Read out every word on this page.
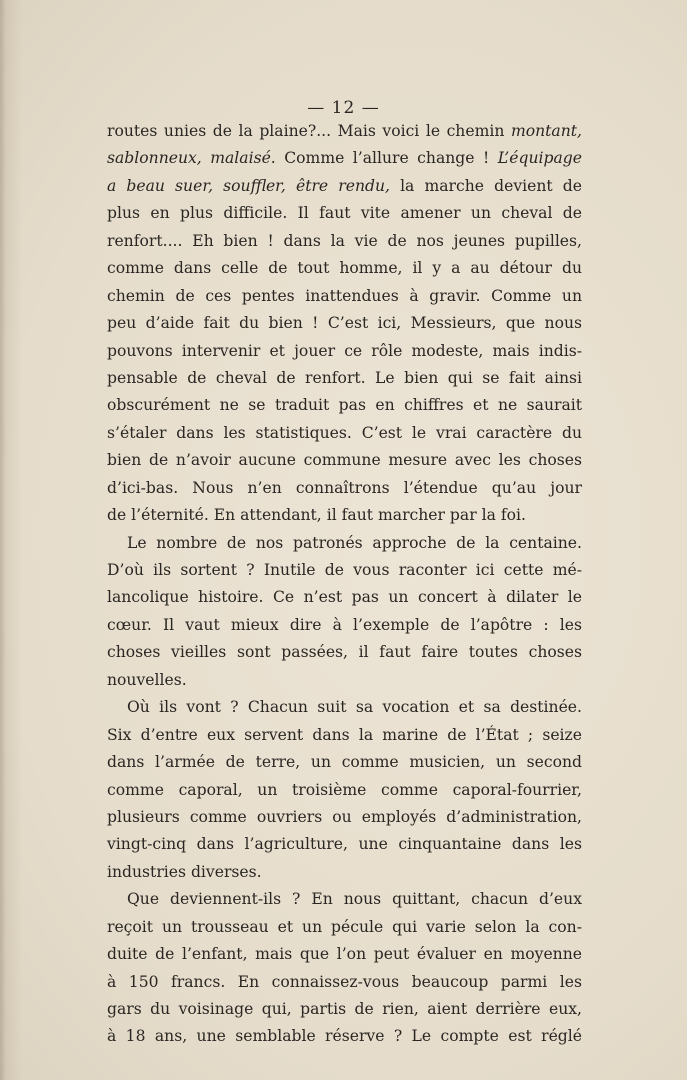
— 12 —
routes unies de la plaine?... Mais voici le chemin montant,
sablonneux, malaisé. Comme l’allure change ! L’équipage
a beau suer, souffler, être rendu, la marche devient de
plus en plus difficile. Il faut vite amener un cheval de
renfort.... Eh bien ! dans la vie de nos jeunes pupilles,
comme dans celle de tout homme, il y a au détour du
chemin de ces pentes inattendues à gravir. Comme un
peu d’aide fait du bien ! C’est ici, Messieurs, que nous
pouvons intervenir et jouer ce rôle modeste, mais indis-
pensable de cheval de renfort. Le bien qui se fait ainsi
obscurément ne se traduit pas en chiffres et ne saurait
s’étaler dans les statistiques. C’est le vrai caractère du
bien de n’avoir aucune commune mesure avec les choses
d’ici-bas. Nous n’en connaîtrons l’étendue qu’au jour
de l’éternité. En attendant, il faut marcher par la foi.
Le nombre de nos patronés approche de la centaine.
D’où ils sortent ? Inutile de vous raconter ici cette mé-
lancolique histoire. Ce n’est pas un concert à dilater le
cœur. Il vaut mieux dire à l’exemple de l’apôtre : les
choses vieilles sont passées, il faut faire toutes choses
nouvelles.
Où ils vont ? Chacun suit sa vocation et sa destinée.
Six d’entre eux servent dans la marine de l’État ; seize
dans l’armée de terre, un comme musicien, un second
comme caporal, un troisième comme caporal-fourrier,
plusieurs comme ouvriers ou employés d’administration,
vingt-cinq dans l’agriculture, une cinquantaine dans les
industries diverses.
Que deviennent-ils ? En nous quittant, chacun d’eux
reçoit un trousseau et un pécule qui varie selon la con-
duite de l’enfant, mais que l’on peut évaluer en moyenne
à 150 francs. En connaissez-vous beaucoup parmi les
gars du voisinage qui, partis de rien, aient derrière eux,
à 18 ans, une semblable réserve ? Le compte est réglé
